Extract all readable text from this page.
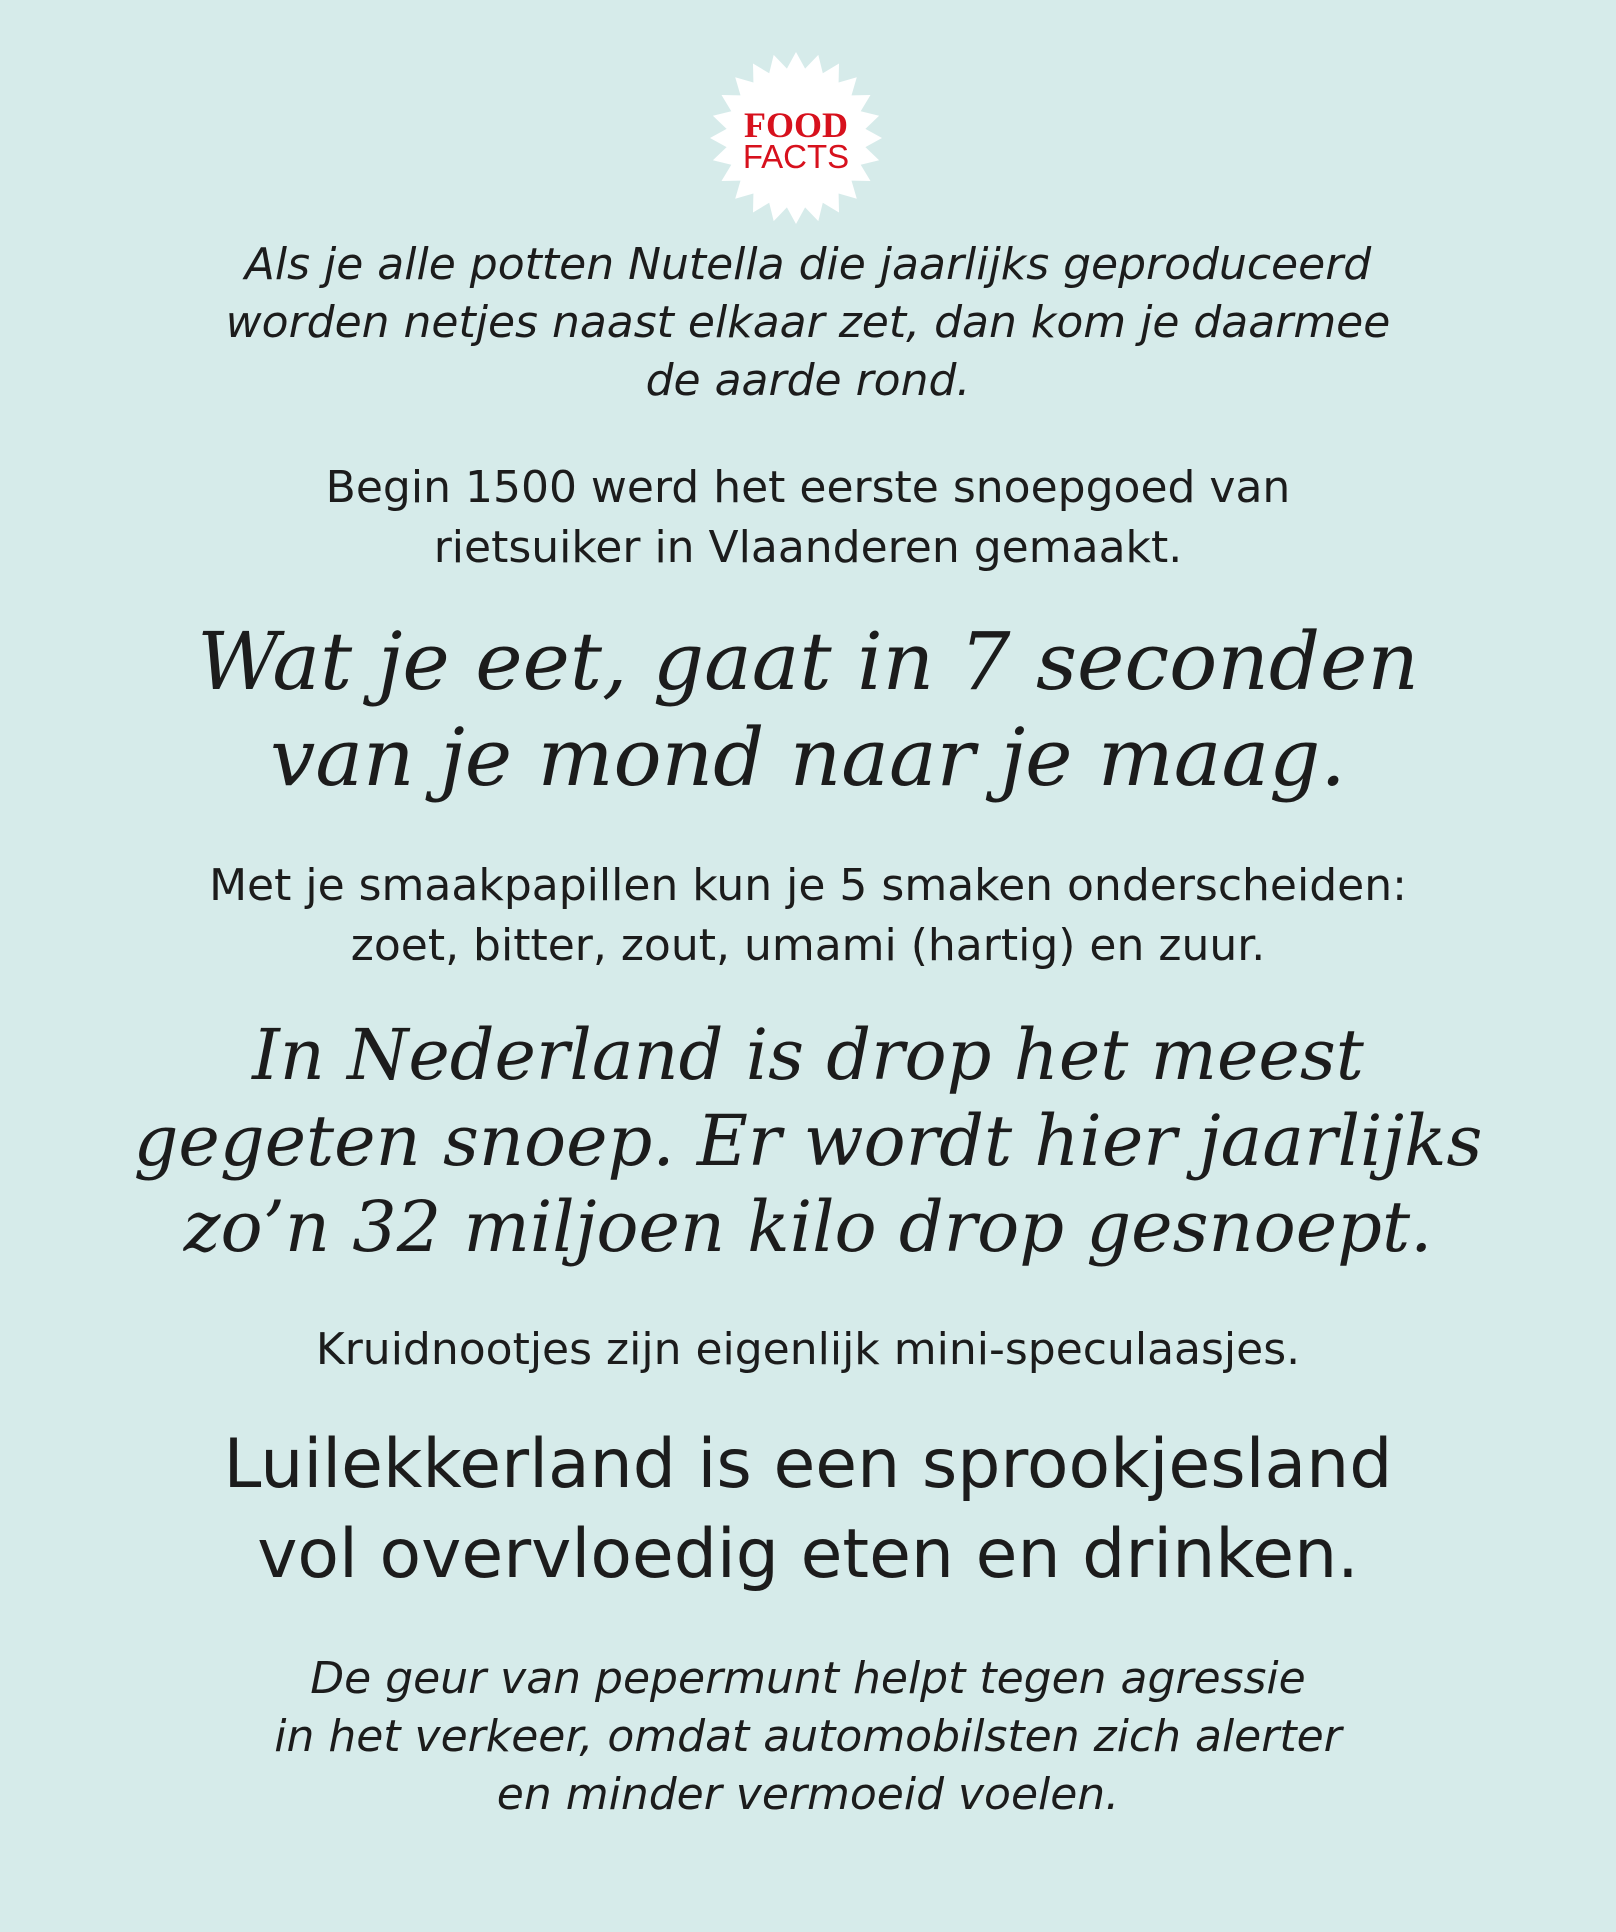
FOOD
FACTS
Als je alle potten Nutella die jaarlijks geproduceerd
worden netjes naast elkaar zet, dan kom je daarmee
de aarde rond.
Begin 1500 werd het eerste snoepgoed van
rietsuiker in Vlaanderen gemaakt.
Wat je eet, gaat in 7 seconden
van je mond naar je maag.
Met je smaakpapillen kun je 5 smaken onderscheiden:
zoet, bitter, zout, umami (hartig) en zuur.
In Nederland is drop het meest
gegeten snoep. Er wordt hier jaarlijks
zo’n 32 miljoen kilo drop gesnoept.
Kruidnootjes zijn eigenlijk mini-speculaasjes.
Luilekkerland is een sprookjesland
vol overvloedig eten en drinken.
De geur van pepermunt helpt tegen agressie
in het verkeer, omdat automobilsten zich alerter
en minder vermoeid voelen.
